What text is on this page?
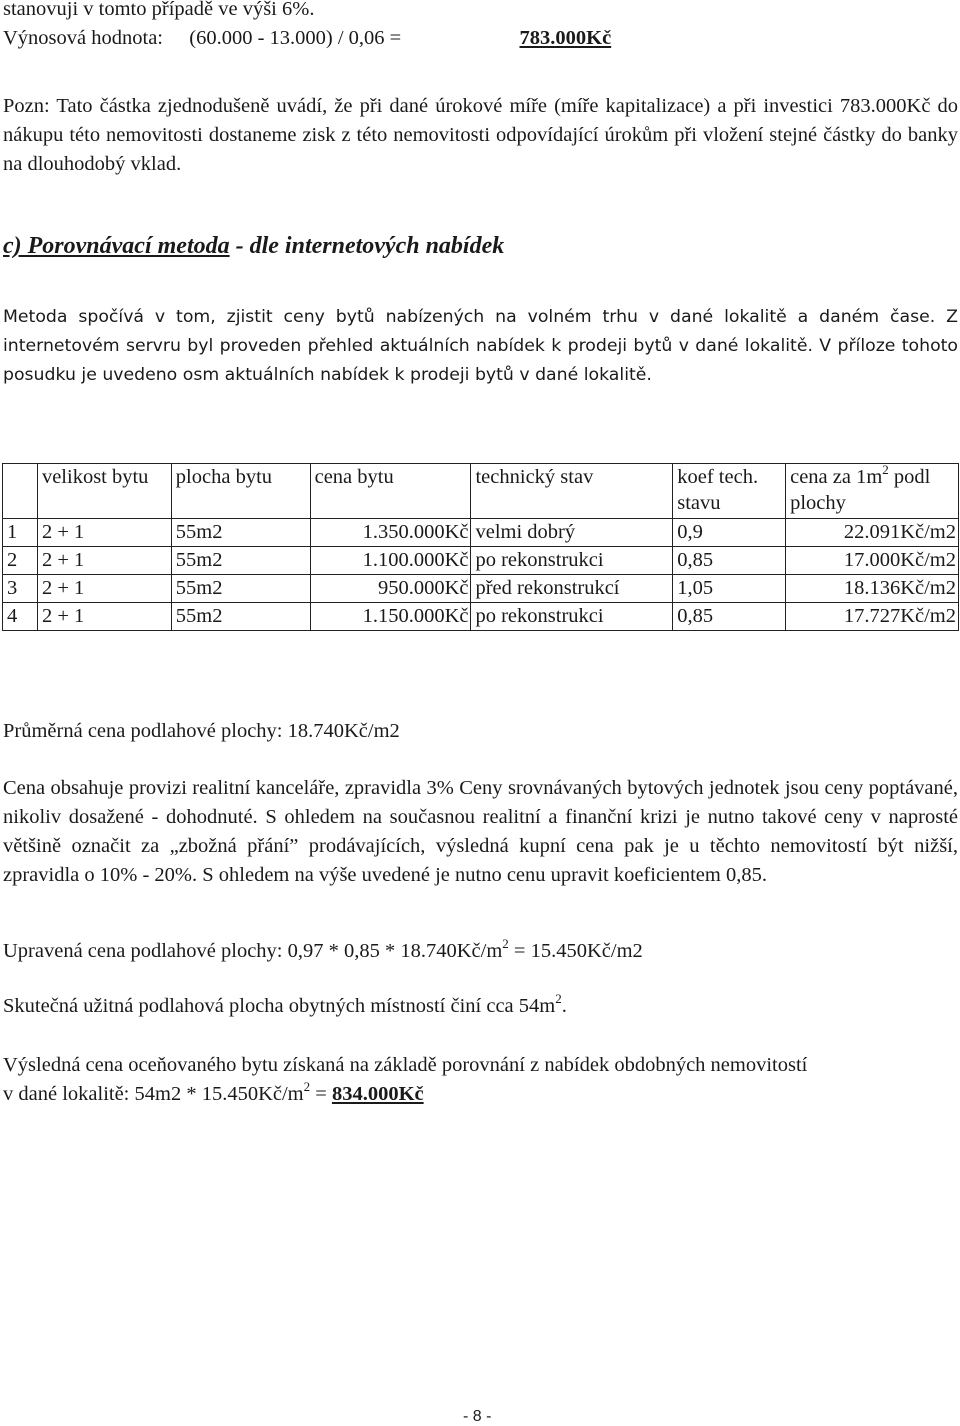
stanovuji v tomto případě ve výši 6%.

Výnosová hodnota: (60.000 - 13.000) / 0,06 =	783.000Kč

Pozn: Tato částka zjednodušeně uvádí, že při dané úrokové míře (míře kapitalizace) a při investici 783.000Kč do nákupu této nemovitosti dostaneme zisk z této nemovitosti odpovídající úrokům při vložení stejné částky do banky na dlouhodobý vklad.

c) Porovnávací metoda - dle internetových nabídek

Metoda spočívá v tom, zjistit ceny bytů nabízených na volném trhu v dané lokalitě a daném čase. Z internetovém servru byl proveden přehled aktuálních nabídek k prodeji bytů v dané lokalitě. V příloze tohoto posudku je uvedeno osm aktuálních nabídek k prodeji bytů v dané lokalitě.

	velikost bytu	plocha bytu	cena bytu	technický stav	koef tech. stavu	cena za $1m^2$ podl plochy
1	2 + 1	55m2	1.350.000Kč	velmi dobrý	0,9	22.091Kč/m2
2	2 + 1	55m2	1.100.000Kč	po rekonstrukci	0,85	17.000Kč/m2
3	2 + 1	55m2	950.000Kč	před rekonstrukcí	1,05	18.136Kč/m2
4	2 + 1	55m2	1.150.000Kč	po rekonstrukci	0,85	17.727Kč/m2

Průměrná cena podlahové plochy: 18.740Kč/m2

Cena obsahuje provizi realitní kanceláře, zpravidla 3% Ceny srovnávaných bytových jednotek jsou ceny poptávané, nikoliv dosažené - dohodnuté. S ohledem na současnou realitní a finanční krizi je nutno takové ceny v naprosté většině označit za „zbožná přání” prodávajících, výsledná kupní cena pak je u těchto nemovitostí být nižší, zpravidla o 10% - 20%. S ohledem na výše uvedené je nutno cenu upravit koeficientem 0,85.

Upravená cena podlahové plochy: $0,97 * 0,85 * 18.740Kč/m^2$ = 15.450Kč/m2

Skutečná užitná podlahová plocha obytných místností činí cca $54m^2$.

Výsledná cena oceňovaného bytu získaná na základě porovnání z nabídek obdobných nemovitostí
v dané lokalitě: $54m2 * 15.450Kč/m^2$ = 834.000Kč

- 8 -
